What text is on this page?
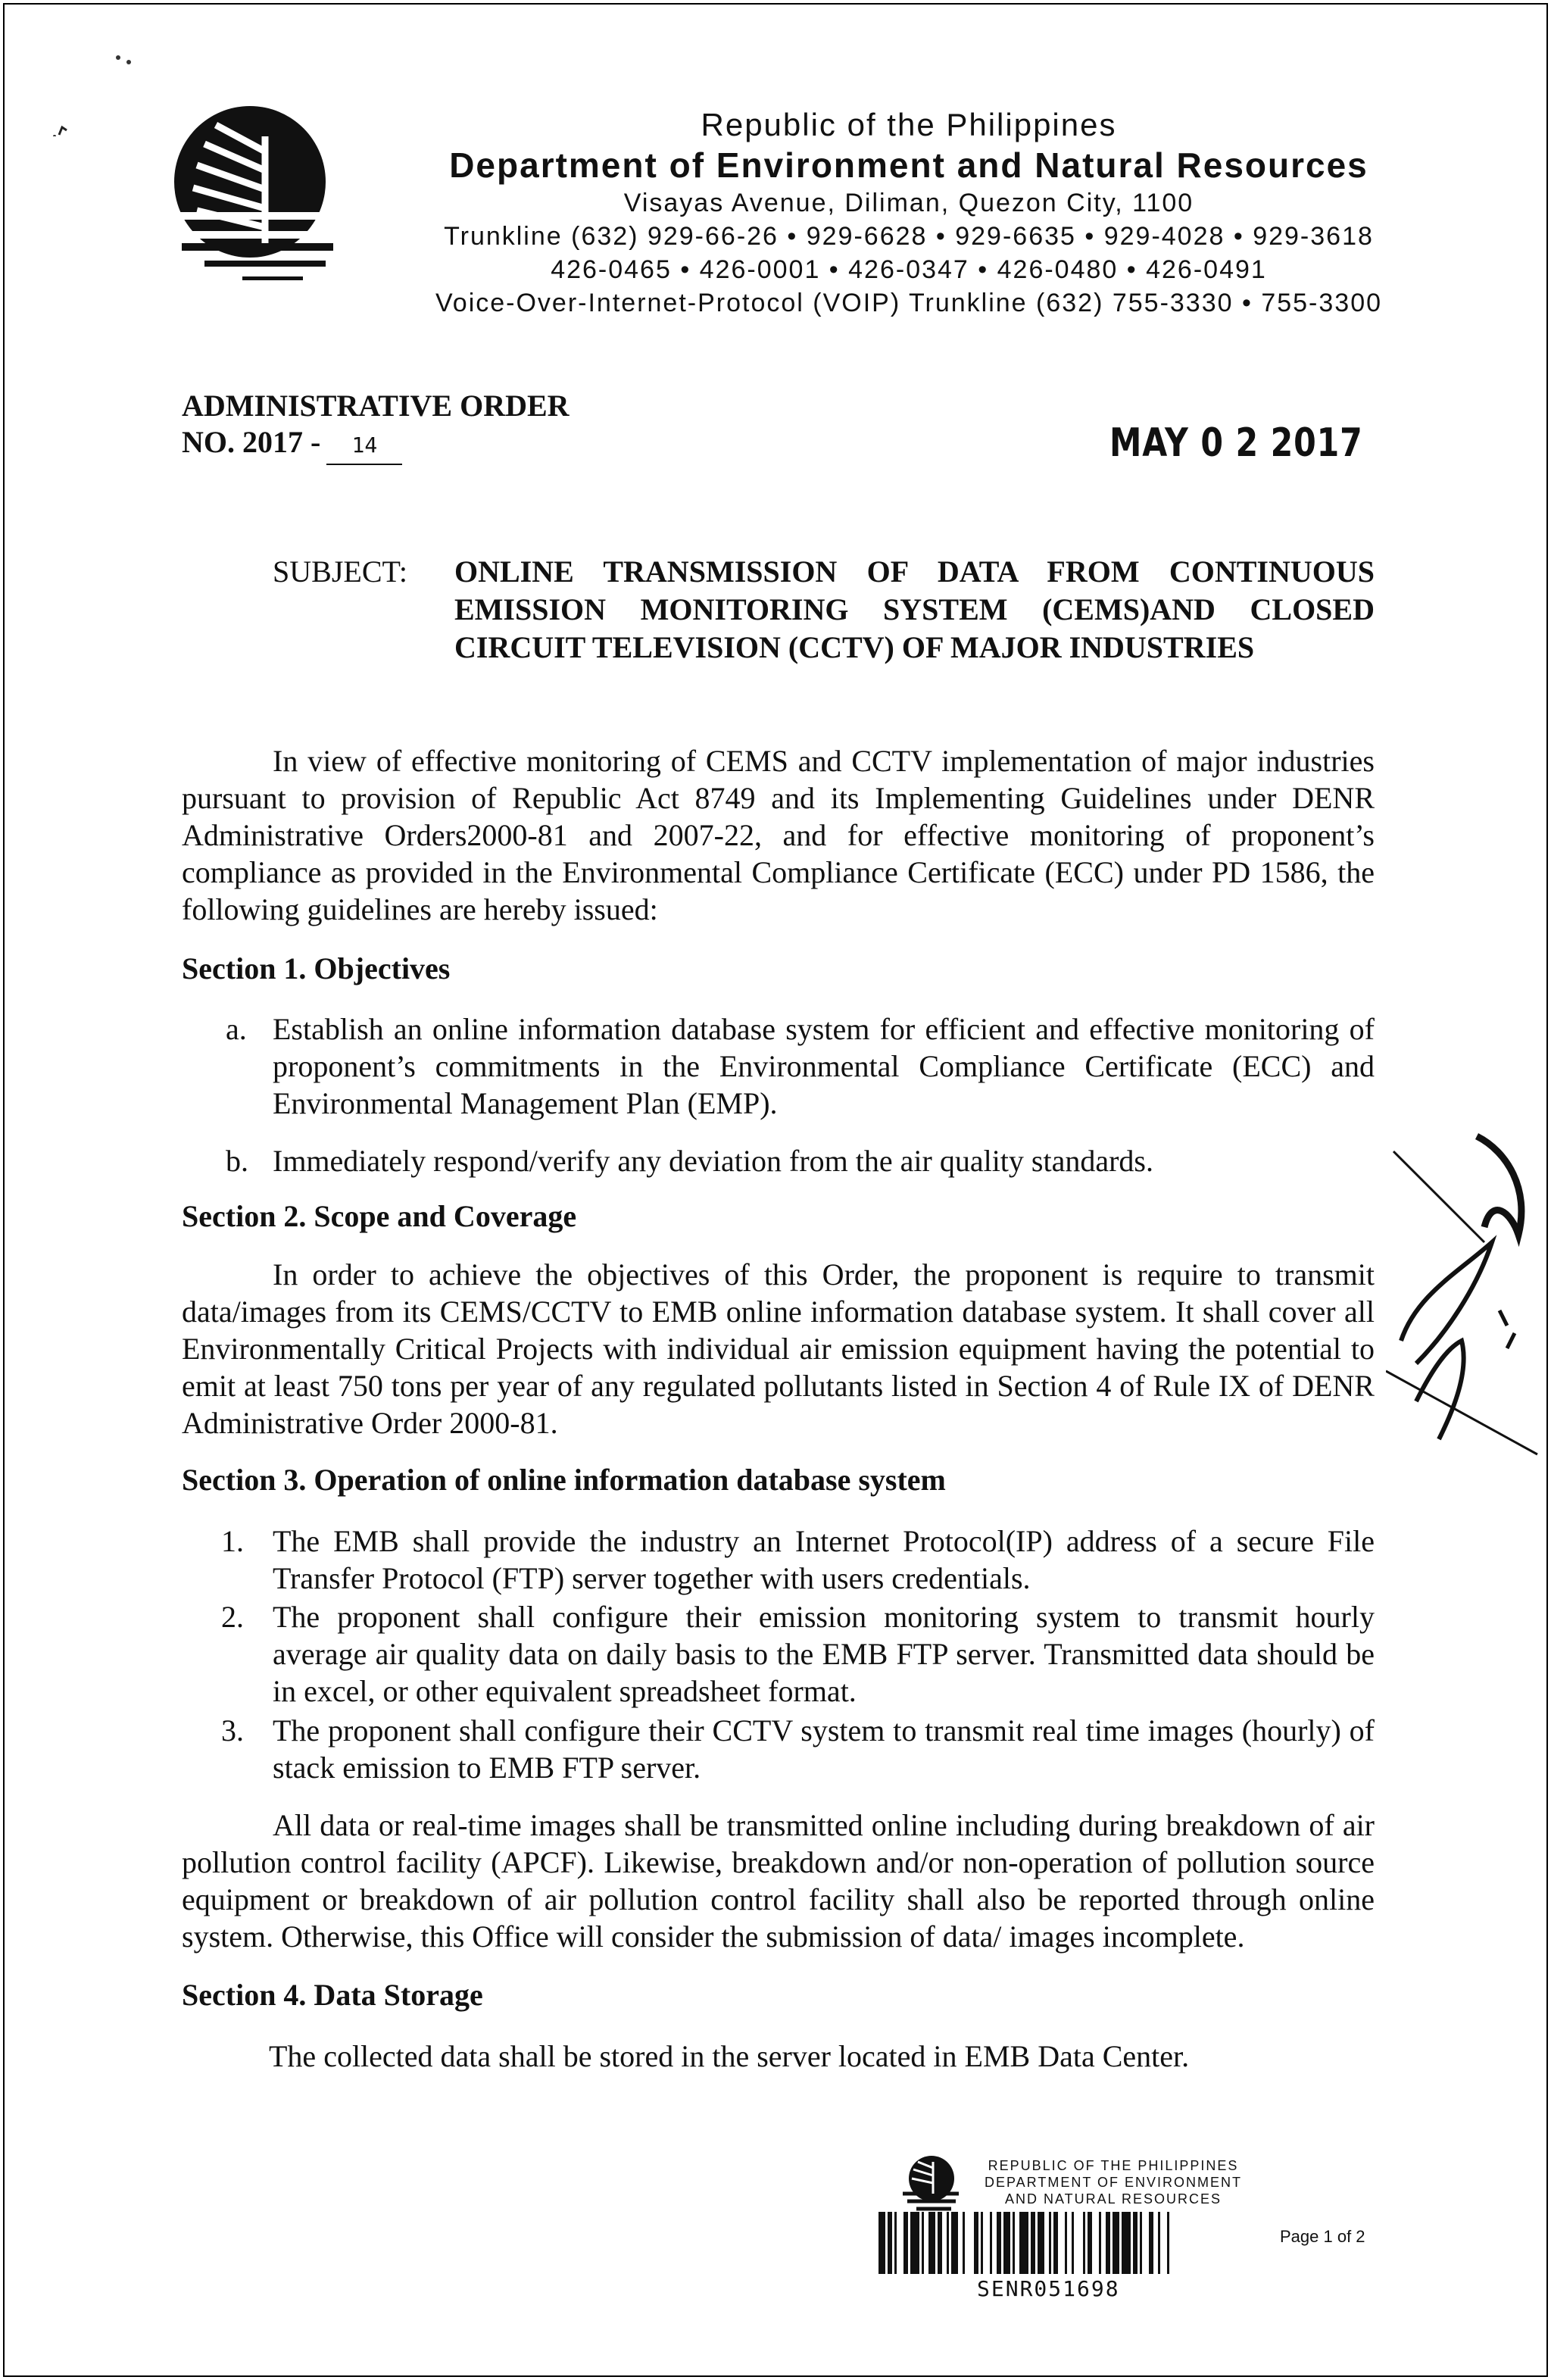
Republic of the Philippines
Department of Environment and Natural Resources
Visayas Avenue, Diliman, Quezon City, 1100
Trunkline (632) 929-66-26 • 929-6628 • 929-6635 • 929-4028 • 929-3618
426-0465 • 426-0001 • 426-0347 • 426-0480 • 426-0491
Voice-Over-Internet-Protocol (VOIP) Trunkline (632) 755-3330 • 755-3300
ADMINISTRATIVE ORDER
NO. 2017 - 14	MAY 0 2 2017
SUBJECT: ONLINE TRANSMISSION OF DATA FROM CONTINUOUS EMISSION MONITORING SYSTEM (CEMS)AND CLOSED CIRCUIT TELEVISION (CCTV) OF MAJOR INDUSTRIES
In view of effective monitoring of CEMS and CCTV implementation of major industries pursuant to provision of Republic Act 8749 and its Implementing Guidelines under DENR Administrative Orders2000-81 and 2007-22, and for effective monitoring of proponent’s compliance as provided in the Environmental Compliance Certificate (ECC) under PD 1586, the following guidelines are hereby issued:
Section 1. Objectives
a. Establish an online information database system for efficient and effective monitoring of proponent’s commitments in the Environmental Compliance Certificate (ECC) and Environmental Management Plan (EMP).
b. Immediately respond/verify any deviation from the air quality standards.
Section 2. Scope and Coverage
In order to achieve the objectives of this Order, the proponent is require to transmit data/images from its CEMS/CCTV to EMB online information database system. It shall cover all Environmentally Critical Projects with individual air emission equipment having the potential to emit at least 750 tons per year of any regulated pollutants listed in Section 4 of Rule IX of DENR Administrative Order 2000-81.
Section 3. Operation of online information database system
1. The EMB shall provide the industry an Internet Protocol(IP) address of a secure File Transfer Protocol (FTP) server together with users credentials.
2. The proponent shall configure their emission monitoring system to transmit hourly average air quality data on daily basis to the EMB FTP server. Transmitted data should be in excel, or other equivalent spreadsheet format.
3. The proponent shall configure their CCTV system to transmit real time images (hourly) of stack emission to EMB FTP server.
All data or real-time images shall be transmitted online including during breakdown of air pollution control facility (APCF). Likewise, breakdown and/or non-operation of pollution source equipment or breakdown of air pollution control facility shall also be reported through online system. Otherwise, this Office will consider the submission of data/ images incomplete.
Section 4. Data Storage
The collected data shall be stored in the server located in EMB Data Center.
REPUBLIC OF THE PHILIPPINES
DEPARTMENT OF ENVIRONMENT
AND NATURAL RESOURCES
SENR051698
Page 1 of 2
